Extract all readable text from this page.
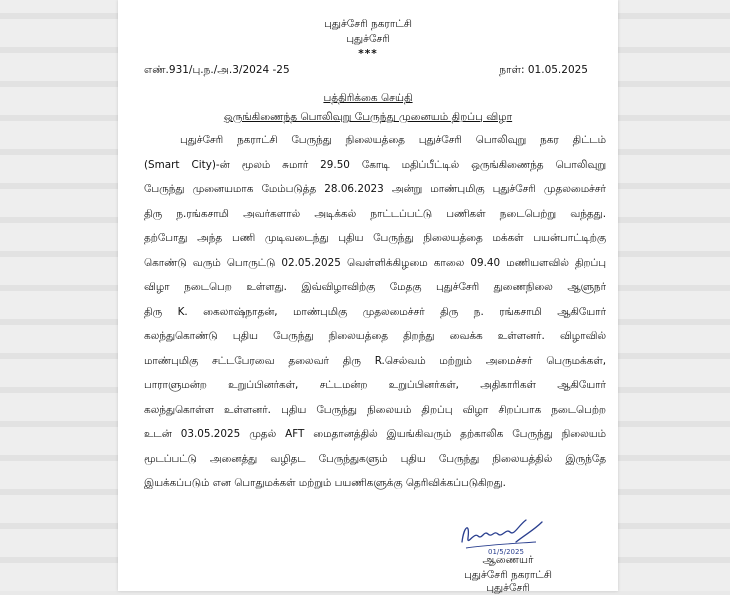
புதுச்சேரி நகராட்சி
புதுச்சேரி
***
எண்.931/பு.ந./அ.3/2024 -25	நாள்: 01.05.2025
பத்திரிக்கை செய்தி
ஒருங்கிணைந்த பொலிவுறு பேருந்து முனையம் திறப்பு விழா
புதுச்சேரி நகராட்சி பேருந்து நிலையத்தை புதுச்சேரி பொலிவுறு நகர திட்டம்
(Smart City)-ன் மூலம் சுமார் 29.50 கோடி மதிப்பீட்டில் ஒருங்கிணைந்த பொலிவுறு
பேருந்து முனையமாக மேம்படுத்த 28.06.2023 அன்று மாண்புமிகு புதுச்சேரி முதலமைச்சர்
திரு ந.ரங்கசாமி அவர்களால் அடிக்கல் நாட்டப்பட்டு பணிகள் நடைபெற்று வந்தது.
தற்போது அந்த பணி முடிவடைந்து புதிய பேருந்து நிலையத்தை மக்கள் பயன்பாட்டிற்கு
கொண்டு வரும் பொருட்டு 02.05.2025 வெள்ளிக்கிழமை காலை 09.40 மணியளவில் திறப்பு
விழா நடைபெற உள்ளது. இவ்விழாவிற்கு மேதகு புதுச்சேரி துணைநிலை ஆளுநர்
திரு K. கைலாஷ்நாதன், மாண்புமிகு முதலமைச்சர் திரு ந. ரங்கசாமி ஆகியோர்
கலந்துகொண்டு புதிய பேருந்து நிலையத்தை திறந்து வைக்க உள்ளனர். விழாவில்
மாண்புமிகு சட்டபேரவை தலைவர் திரு R.செல்வம் மற்றும் அமைச்சர் பெருமக்கள்,
பாராளுமன்ற உறுப்பினர்கள், சட்டமன்ற உறுப்பினர்கள், அதிகாரிகள் ஆகியோர்
கலந்துகொள்ள உள்ளனர். புதிய பேருந்து நிலையம் திறப்பு விழா சிறப்பாக நடைபெற்ற
உடன் 03.05.2025 முதல் AFT மைதானத்தில் இயங்கிவரும் தற்காலிக பேருந்து நிலையம்
மூடப்பட்டு அனைத்து வழிதட பேருந்துகளும் புதிய பேருந்து நிலையத்தில் இருந்தே
இயக்கப்படும் என பொதுமக்கள் மற்றும் பயணிகளுக்கு தெரிவிக்கப்படுகிறது.
01/5/2025
ஆணையர்
புதுச்சேரி நகராட்சி
புதுச்சேரி
